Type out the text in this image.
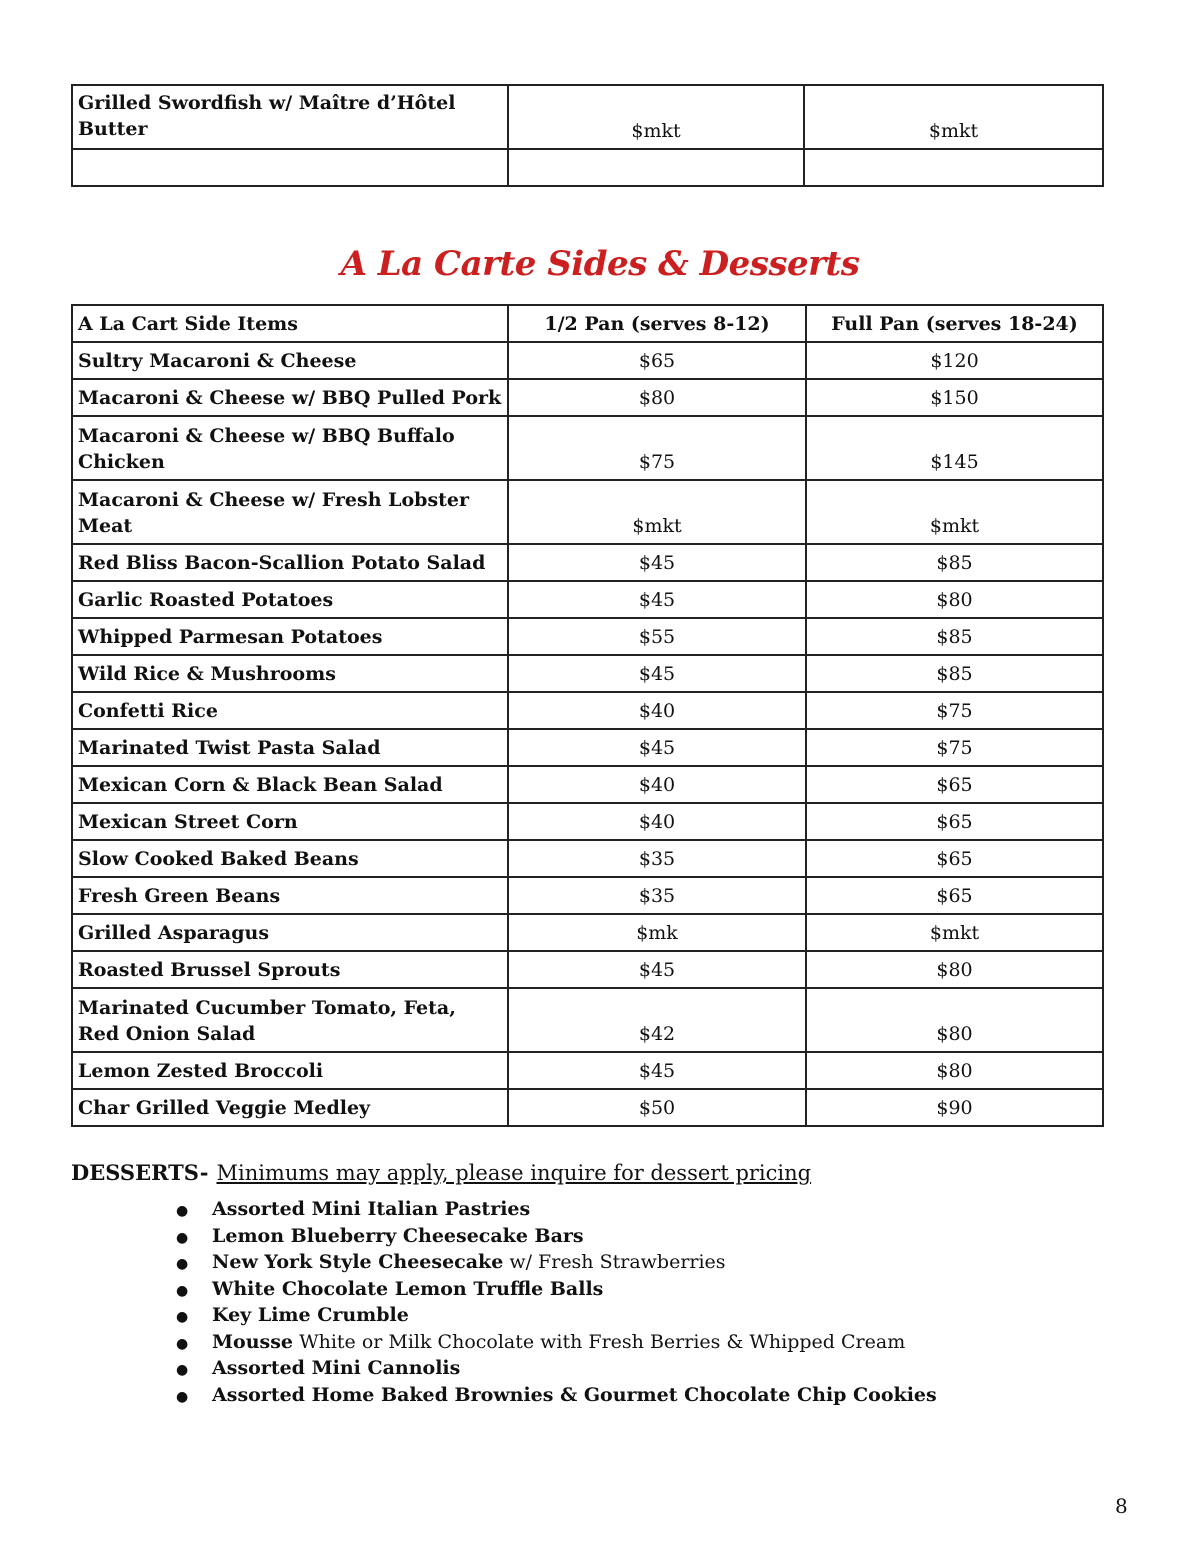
Grilled Swordfish w/ Maître d’Hôtel Butter	$mkt	$mkt

A La Carte Sides & Desserts
A La Cart Side Items	1/2 Pan (serves 8-12)	Full Pan (serves 18-24)
Sultry Macaroni & Cheese	$65	$120
Macaroni & Cheese w/ BBQ Pulled Pork	$80	$150
Macaroni & Cheese w/ BBQ Buffalo Chicken	$75	$145
Macaroni & Cheese w/ Fresh Lobster Meat	$mkt	$mkt
Red Bliss Bacon-Scallion Potato Salad	$45	$85
Garlic Roasted Potatoes	$45	$80
Whipped Parmesan Potatoes	$55	$85
Wild Rice & Mushrooms	$45	$85
Confetti Rice	$40	$75
Marinated Twist Pasta Salad	$45	$75
Mexican Corn & Black Bean Salad	$40	$65
Mexican Street Corn	$40	$65
Slow Cooked Baked Beans	$35	$65
Fresh Green Beans	$35	$65
Grilled Asparagus	$mk	$mkt
Roasted Brussel Sprouts	$45	$80
Marinated Cucumber Tomato, Feta, Red Onion Salad	$42	$80
Lemon Zested Broccoli	$45	$80
Char Grilled Veggie Medley	$50	$90
DESSERTS- Minimums may apply, please inquire for dessert pricing
● Assorted Mini Italian Pastries
● Lemon Blueberry Cheesecake Bars
● New York Style Cheesecake w/ Fresh Strawberries
● White Chocolate Lemon Truffle Balls
● Key Lime Crumble
● Mousse White or Milk Chocolate with Fresh Berries & Whipped Cream
● Assorted Mini Cannolis
● Assorted Home Baked Brownies & Gourmet Chocolate Chip Cookies
8
